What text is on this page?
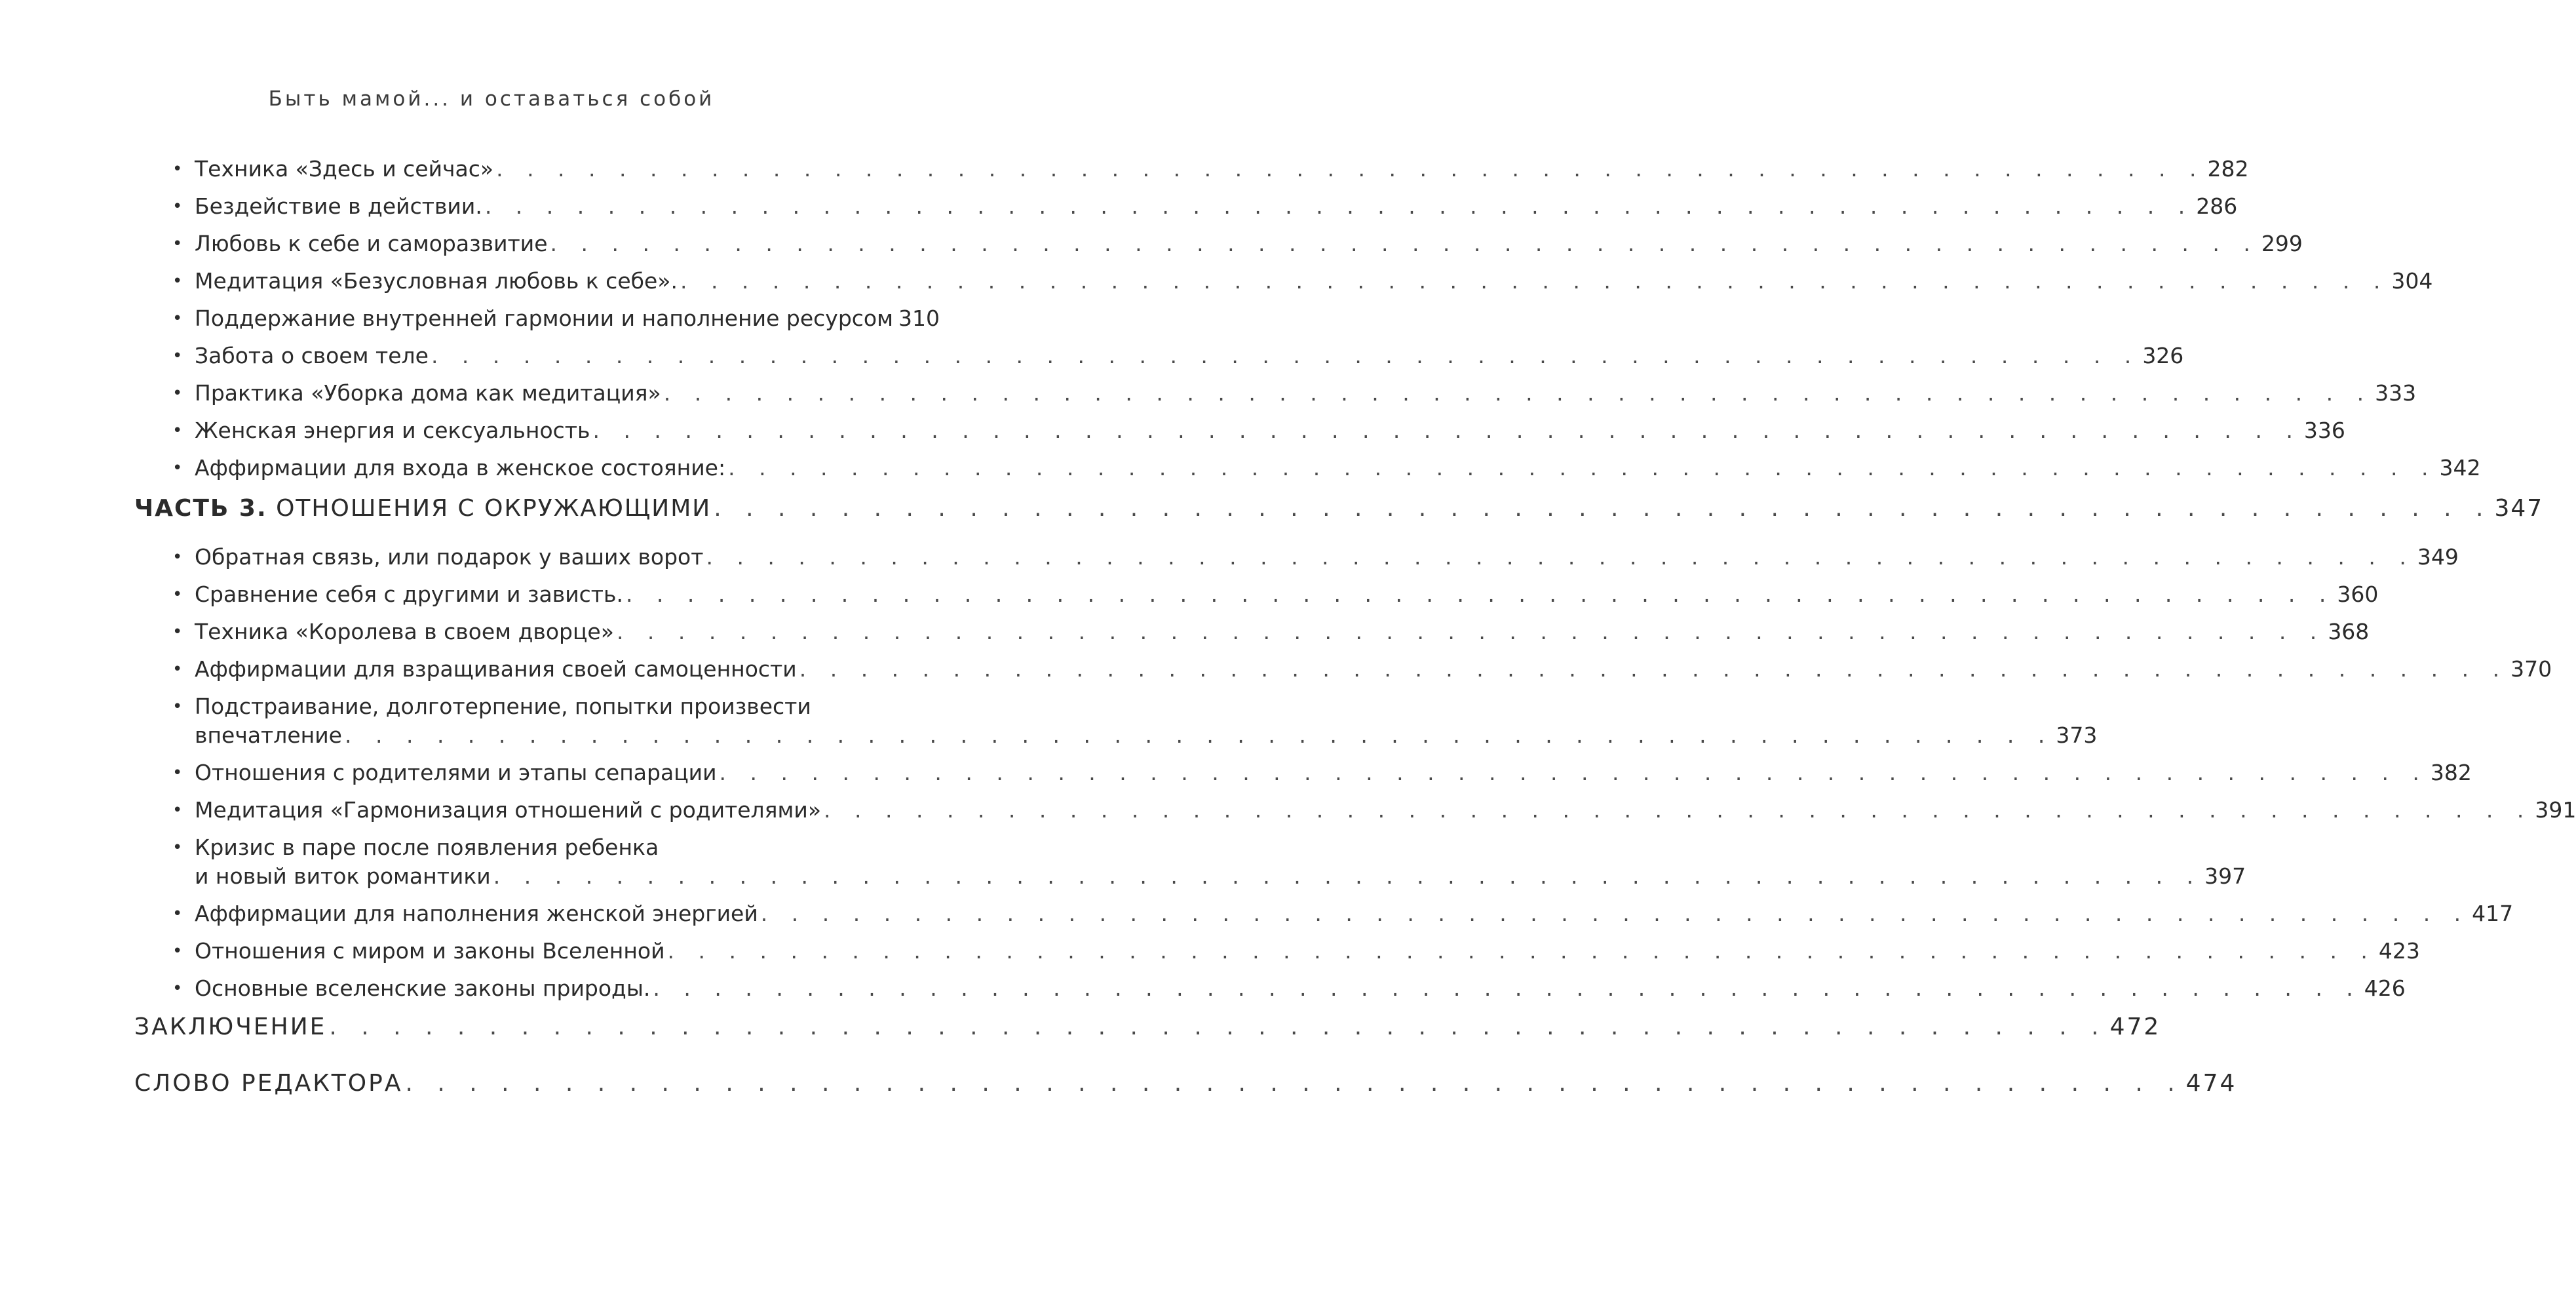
Быть мамой... и оставаться собой
• Техника «Здесь и сейчас» . . . . . . . . . . . . . . . . . . . . . . . . . . . . . . . . . . . . . . . . . . . . . . . . . . . . . . . . 282
• Бездействие в действии. . . . . . . . . . . . . . . . . . . . . . . . . . . . . . . . . . . . . . . . . . . . . . . . . . . . . . . . . 286
• Любовь к себе и саморазвитие . . . . . . . . . . . . . . . . . . . . . . . . . . . . . . . . . . . . . . . . . . . . . . . . . . . . . . . . 299
• Медитация «Безусловная любовь к себе». . . . . . . . . . . . . . . . . . . . . . . . . . . . . . . . . . . . . . . . . . . . . . . . . . . . . . . . . 304
• Поддержание внутренней гармонии и наполнение ресурсом 310
• Забота о своем теле . . . . . . . . . . . . . . . . . . . . . . . . . . . . . . . . . . . . . . . . . . . . . . . . . . . . . . . . 326
• Практика «Уборка дома как медитация» . . . . . . . . . . . . . . . . . . . . . . . . . . . . . . . . . . . . . . . . . . . . . . . . . . . . . . . . 333
• Женская энергия и сексуальность . . . . . . . . . . . . . . . . . . . . . . . . . . . . . . . . . . . . . . . . . . . . . . . . . . . . . . . . 336
• Аффирмации для входа в женское состояние: . . . . . . . . . . . . . . . . . . . . . . . . . . . . . . . . . . . . . . . . . . . . . . . . . . . . . . . . 342
ЧАСТЬ 3. ОТНОШЕНИЯ С ОКРУЖАЮЩИМИ . . . . . . . . . . . . . . . . . . . . . . . . . . . . . . . . . . . . . . . . . . . . . . . . . . . . . . . . 347
• Обратная связь, или подарок у ваших ворот . . . . . . . . . . . . . . . . . . . . . . . . . . . . . . . . . . . . . . . . . . . . . . . . . . . . . . . . 349
• Сравнение себя с другими и зависть. . . . . . . . . . . . . . . . . . . . . . . . . . . . . . . . . . . . . . . . . . . . . . . . . . . . . . . . . 360
• Техника «Королева в своем дворце» . . . . . . . . . . . . . . . . . . . . . . . . . . . . . . . . . . . . . . . . . . . . . . . . . . . . . . . . 368
• Аффирмации для взращивания своей самоценности . . . . . . . . . . . . . . . . . . . . . . . . . . . . . . . . . . . . . . . . . . . . . . . . . . . . . . . . 370
• Подстраивание, долготерпение, попытки произвести
впечатление . . . . . . . . . . . . . . . . . . . . . . . . . . . . . . . . . . . . . . . . . . . . . . . . . . . . . . . . 373
• Отношения с родителями и этапы сепарации . . . . . . . . . . . . . . . . . . . . . . . . . . . . . . . . . . . . . . . . . . . . . . . . . . . . . . . . 382
• Медитация «Гармонизация отношений с родителями» . . . . . . . . . . . . . . . . . . . . . . . . . . . . . . . . . . . . . . . . . . . . . . . . . . . . . . . . 391
• Кризис в паре после появления ребенка
и новый виток романтики . . . . . . . . . . . . . . . . . . . . . . . . . . . . . . . . . . . . . . . . . . . . . . . . . . . . . . . . 397
• Аффирмации для наполнения женской энергией . . . . . . . . . . . . . . . . . . . . . . . . . . . . . . . . . . . . . . . . . . . . . . . . . . . . . . . . 417
• Отношения с миром и законы Вселенной . . . . . . . . . . . . . . . . . . . . . . . . . . . . . . . . . . . . . . . . . . . . . . . . . . . . . . . . 423
• Основные вселенские законы природы. . . . . . . . . . . . . . . . . . . . . . . . . . . . . . . . . . . . . . . . . . . . . . . . . . . . . . . . . 426
ЗАКЛЮЧЕНИЕ . . . . . . . . . . . . . . . . . . . . . . . . . . . . . . . . . . . . . . . . . . . . . . . . . . . . . . . . 472
СЛОВО РЕДАКТОРА . . . . . . . . . . . . . . . . . . . . . . . . . . . . . . . . . . . . . . . . . . . . . . . . . . . . . . . . 474
